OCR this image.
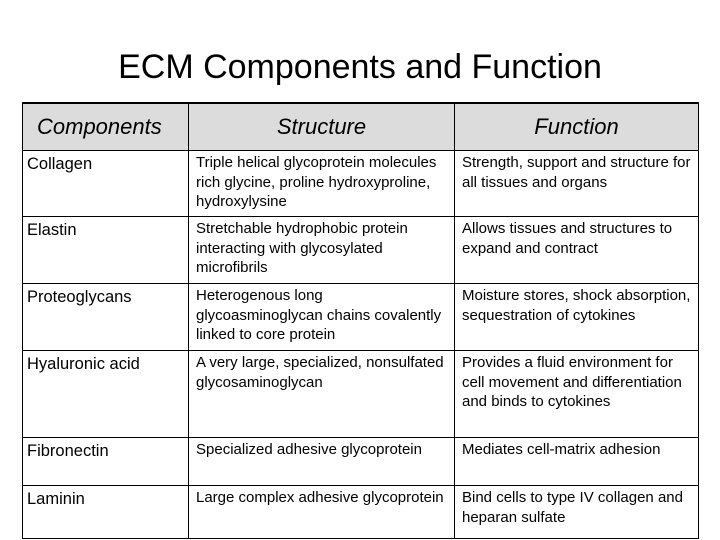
ECM Components and Function
Components	Structure	Function
Collagen	Triple helical glycoprotein molecules rich glycine, proline hydroxyproline, hydroxylysine	Strength, support and structure for all tissues and organs
Elastin	Stretchable hydrophobic protein interacting with glycosylated microfibrils	Allows tissues and structures to expand and contract
Proteoglycans	Heterogenous long glycoasminoglycan chains covalently linked to core protein	Moisture stores, shock absorption, sequestration of cytokines
Hyaluronic acid	A very large, specialized, nonsulfated glycosaminoglycan	Provides a fluid environment for cell movement and differentiation and binds to cytokines
Fibronectin	Specialized adhesive glycoprotein	Mediates cell-matrix adhesion
Laminin	Large complex adhesive glycoprotein	Bind cells to type IV collagen and heparan sulfate
